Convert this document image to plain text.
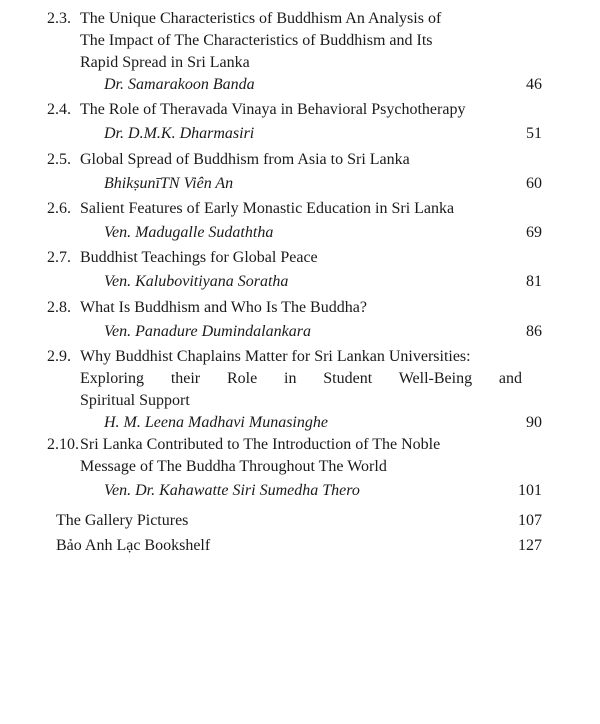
2.3. The Unique Characteristics of Buddhism An Analysis of
The Impact of The Characteristics of Buddhism and Its
Rapid Spread in Sri Lanka
Dr. Samarakoon Banda	46
2.4. The Role of Theravada Vinaya in Behavioral Psychotherapy
Dr. D.M.K. Dharmasiri	51
2.5. Global Spread of Buddhism from Asia to Sri Lanka
BhikṣunīTN Viên An	60
2.6. Salient Features of Early Monastic Education in Sri Lanka
Ven. Madugalle Sudaththa	69
2.7. Buddhist Teachings for Global Peace
Ven. Kalubovitiyana Soratha	81
2.8. What Is Buddhism and Who Is The Buddha?
Ven. Panadure Dumindalankara	86
2.9. Why Buddhist Chaplains Matter for Sri Lankan Universities:
Exploring their Role in Student Well-Being and
Spiritual Support
H. M. Leena Madhavi Munasinghe	90
2.10. Sri Lanka Contributed to The Introduction of The Noble
Message of The Buddha Throughout The World
Ven. Dr. Kahawatte Siri Sumedha Thero	101
The Gallery Pictures	107
Bảo Anh Lạc Bookshelf	127
